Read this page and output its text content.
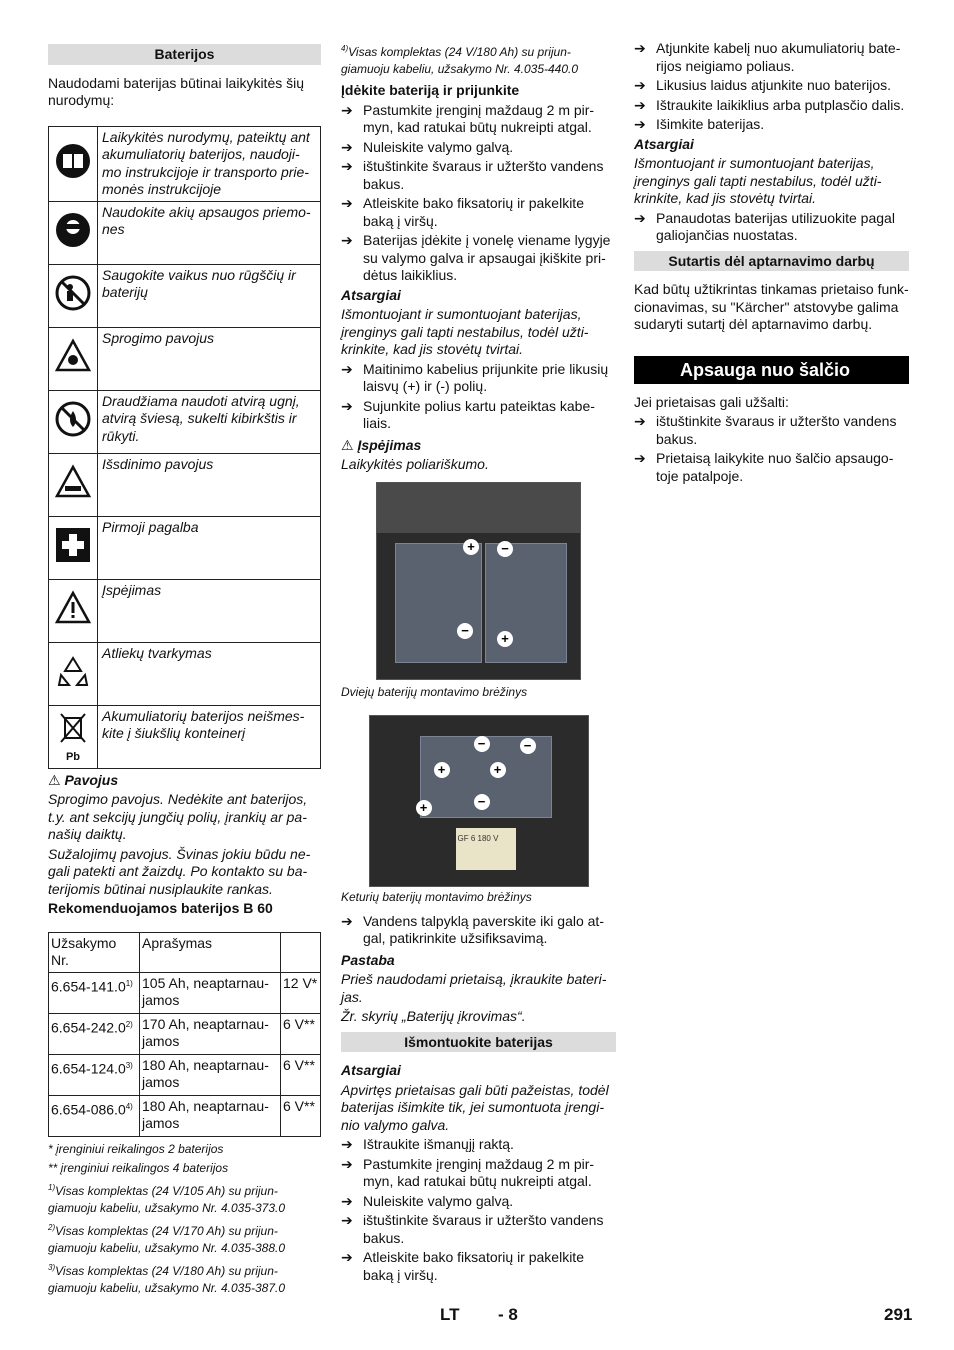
Baterijos

Naudodami baterijas būtinai laikykitės šių nurodymų:

	Laikykitės nurodymų, pateiktų ant akumuliatorių baterijos, naudoji-mo instrukcijoje ir transporto prie-monės instrukcijoje

	Naudokite akių apsaugos priemo-nes

	Saugokite vaikus nuo rūgščių ir baterijų

	Sprogimo pavojus

	Draudžiama naudoti atvirą ugnį, atvirą šviesą, sukelti kibirkštis ir rūkyti.

	Išsdinimo pavojus

	Pirmoji pagalba

	Įspėjimas

	Atliekų tvarkymas

Pb	Akumuliatorių baterijos neišmes-kite į šiukšlių konteinerį

⚠ Pavojus

Sprogimo pavojus. Nedėkite ant baterijos, t.y. ant sekcijų jungčių polių, įrankių ar pa-našių daiktų.

Sužalojimų pavojus. Švinas jokiu būdu ne-gali patekti ant žaizdų. Po kontakto su ba-terijomis būtinai nusiplaukite rankas.

Rekomenduojamos baterijos B 60

Užsakymo Nr.	Aprašymas	
6.654-141.0$^{1)}$	105 Ah, neaptarnau-jamos	12 V*
6.654-242.0$^{2)}$	170 Ah, neaptarnau-jamos	6 V**
6.654-124.0$^{3)}$	180 Ah, neaptarnau-jamos	6 V**
6.654-086.0$^{4)}$	180 Ah, neaptarnau-jamos	6 V**

* įrenginiui reikalingos 2 baterijos

** įrenginiui reikalingos 4 baterijos

$^{1)}$Visas komplektas (24 V/105 Ah) su prijun-giamuoju kabeliu, užsakymo Nr. 4.035-373.0

$^{2)}$Visas komplektas (24 V/170 Ah) su prijun-giamuoju kabeliu, užsakymo Nr. 4.035-388.0

$^{3)}$Visas komplektas (24 V/180 Ah) su prijun-giamuoju kabeliu, užsakymo Nr. 4.035-387.0

$^{4)}$Visas komplektas (24 V/180 Ah) su prijun-giamuoju kabeliu, užsakymo Nr. 4.035-440.0

Įdėkite bateriją ir prijunkite

➔ Pastumkite įrenginį maždaug 2 m pir-myn, kad ratukai būtų nukreipti atgal.
➔ Nuleiskite valymo galvą.
➔ ištuštinkite švaraus ir užteršto vandens bakus.
➔ Atleiskite bako fiksatorių ir pakelkite baką į viršų.
➔ Baterijas įdėkite į vonelę viename lygyje su valymo galva ir apsaugai įkiškite pri-dėtus laikiklius.

Atsargiai

Išmontuojant ir sumontuojant baterijas, įrenginys gali tapti nestabilus, todėl užti-krinkite, kad jis stovėtų tvirtai.

➔ Maitinimo kabelius prijunkite prie likusių laisvų (+) ir (-) polių.
➔ Sujunkite polius kartu pateiktas kabe-liais.

⚠ Įspėjimas

Laikykitės poliariškumo.

+	−
−
+

Dviejų baterijų montavimo brėžinys

GF 6 180 V
−	−
+	+
+	−

Keturių baterijų montavimo brėžinys

➔ Vandens talpyklą paverskite iki galo at-gal, patikrinkite užsifiksavimą.

Pastaba

Prieš naudodami prietaisą, įkraukite bateri-jas.

Žr. skyrių „Baterijų įkrovimas“.

Išmontuokite baterijas

Atsargiai

Apvirtęs prietaisas gali būti pažeistas, todėl baterijas išimkite tik, jei sumontuota įrengi-nio valymo galva.

➔ Ištraukite išmanųjį raktą.
➔ Pastumkite įrenginį maždaug 2 m pir-myn, kad ratukai būtų nukreipti atgal.
➔ Nuleiskite valymo galvą.
➔ ištuštinkite švaraus ir užteršto vandens bakus.
➔ Atleiskite bako fiksatorių ir pakelkite baką į viršų.
➔ Atjunkite kabelį nuo akumuliatorių bate-rijos neigiamo poliaus.
➔ Likusius laidus atjunkite nuo baterijos.
➔ Ištraukite laikiklius arba putplasčio dalis.
➔ Išimkite baterijas.

Atsargiai

Išmontuojant ir sumontuojant baterijas, įrenginys gali tapti nestabilus, todėl užti-krinkite, kad jis stovėtų tvirtai.

➔ Panaudotas baterijas utilizuokite pagal galiojančias nuostatas.
Sutartis dėl aptarnavimo darbų

Kad būtų užtikrintas tinkamas prietaiso funk-cionavimas, su "Kärcher" atstovybe galima sudaryti sutartį dėl aptarnavimo darbų.

Apsauga nuo šalčio

Jei prietaisas gali užšalti:

➔ ištuštinkite švaraus ir užteršto vandens bakus.
➔ Prietaisą laikykite nuo šalčio apsaugo-toje patalpoje.
LT - 8	291
